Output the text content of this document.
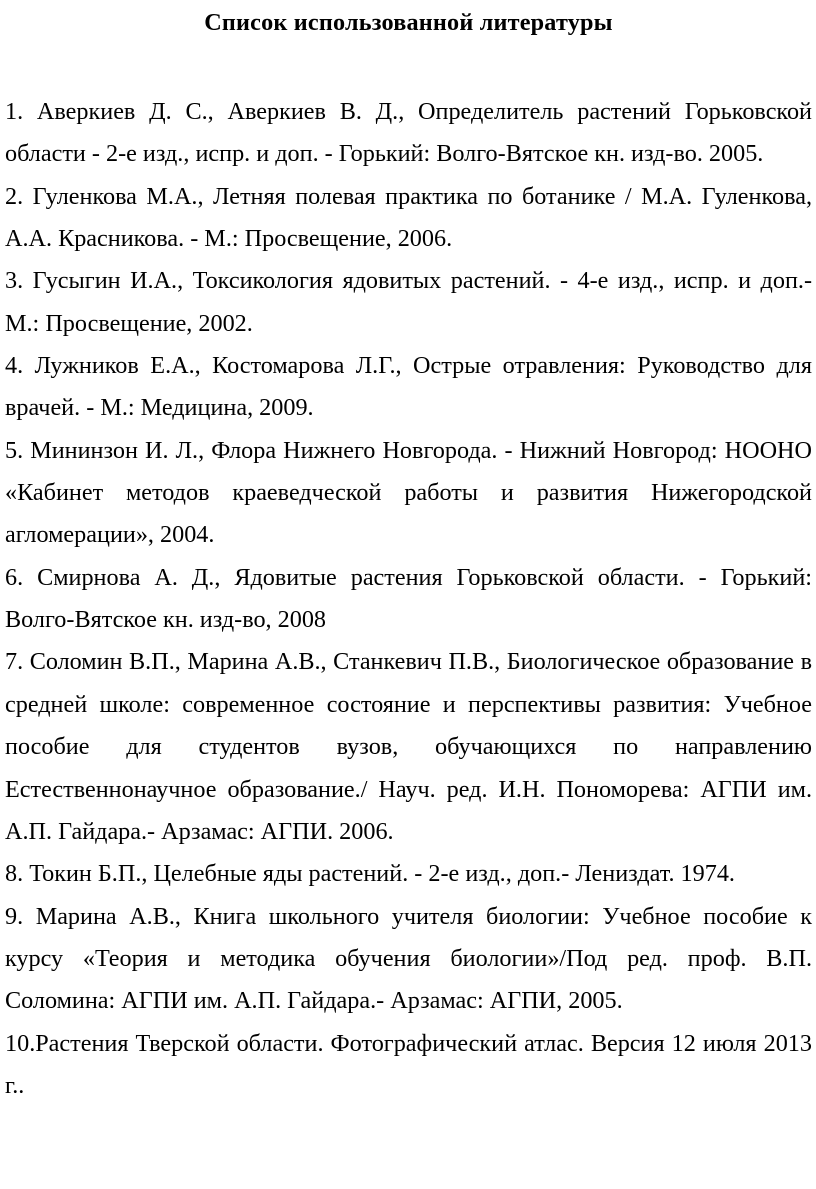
Список использованной литературы

1. Аверкиев Д. С., Аверкиев В. Д., Определитель растений Горьковской области - 2-е изд., испр. и доп. - Горький: Волго-Вятское кн. изд-во. 2005.

2. Гуленкова М.А., Летняя полевая практика по ботанике / М.А. Гуленкова, А.А. Красникова. - М.: Просвещение, 2006.

3. Гусыгин И.А., Токсикология ядовитых растений. - 4-е изд., испр. и доп.- М.: Просвещение, 2002.

4. Лужников Е.А., Костомарова Л.Г., Острые отравления: Руководство для врачей. - М.: Медицина, 2009.

5. Мининзон И. Л., Флора Нижнего Новгорода. - Нижний Новгород: НООНО «Кабинет методов краеведческой работы и развития Нижегородской агломерации», 2004.

6. Смирнова А. Д., Ядовитые растения Горьковской области. - Горький: Волго-Вятское кн. изд-во, 2008

7. Соломин В.П., Марина А.В., Станкевич П.В., Биологическое образование в средней школе: современное состояние и перспективы развития: Учебное пособие для студентов вузов, обучающихся по направлению Естественнонаучное образование./ Науч. ред. И.Н. Пономорева: АГПИ им. А.П. Гайдара.- Арзамас: АГПИ. 2006.

8. Токин Б.П., Целебные яды растений. - 2-е изд., доп.- Лениздат. 1974.

9. Марина А.В., Книга школьного учителя биологии: Учебное пособие к курсу «Теория и методика обучения биологии»/Под ред. проф. В.П. Соломина: АГПИ им. А.П. Гайдара.- Арзамас: АГПИ, 2005.

10.Растения Тверской области. Фотографический атлас. Версия 12 июля 2013 г..
